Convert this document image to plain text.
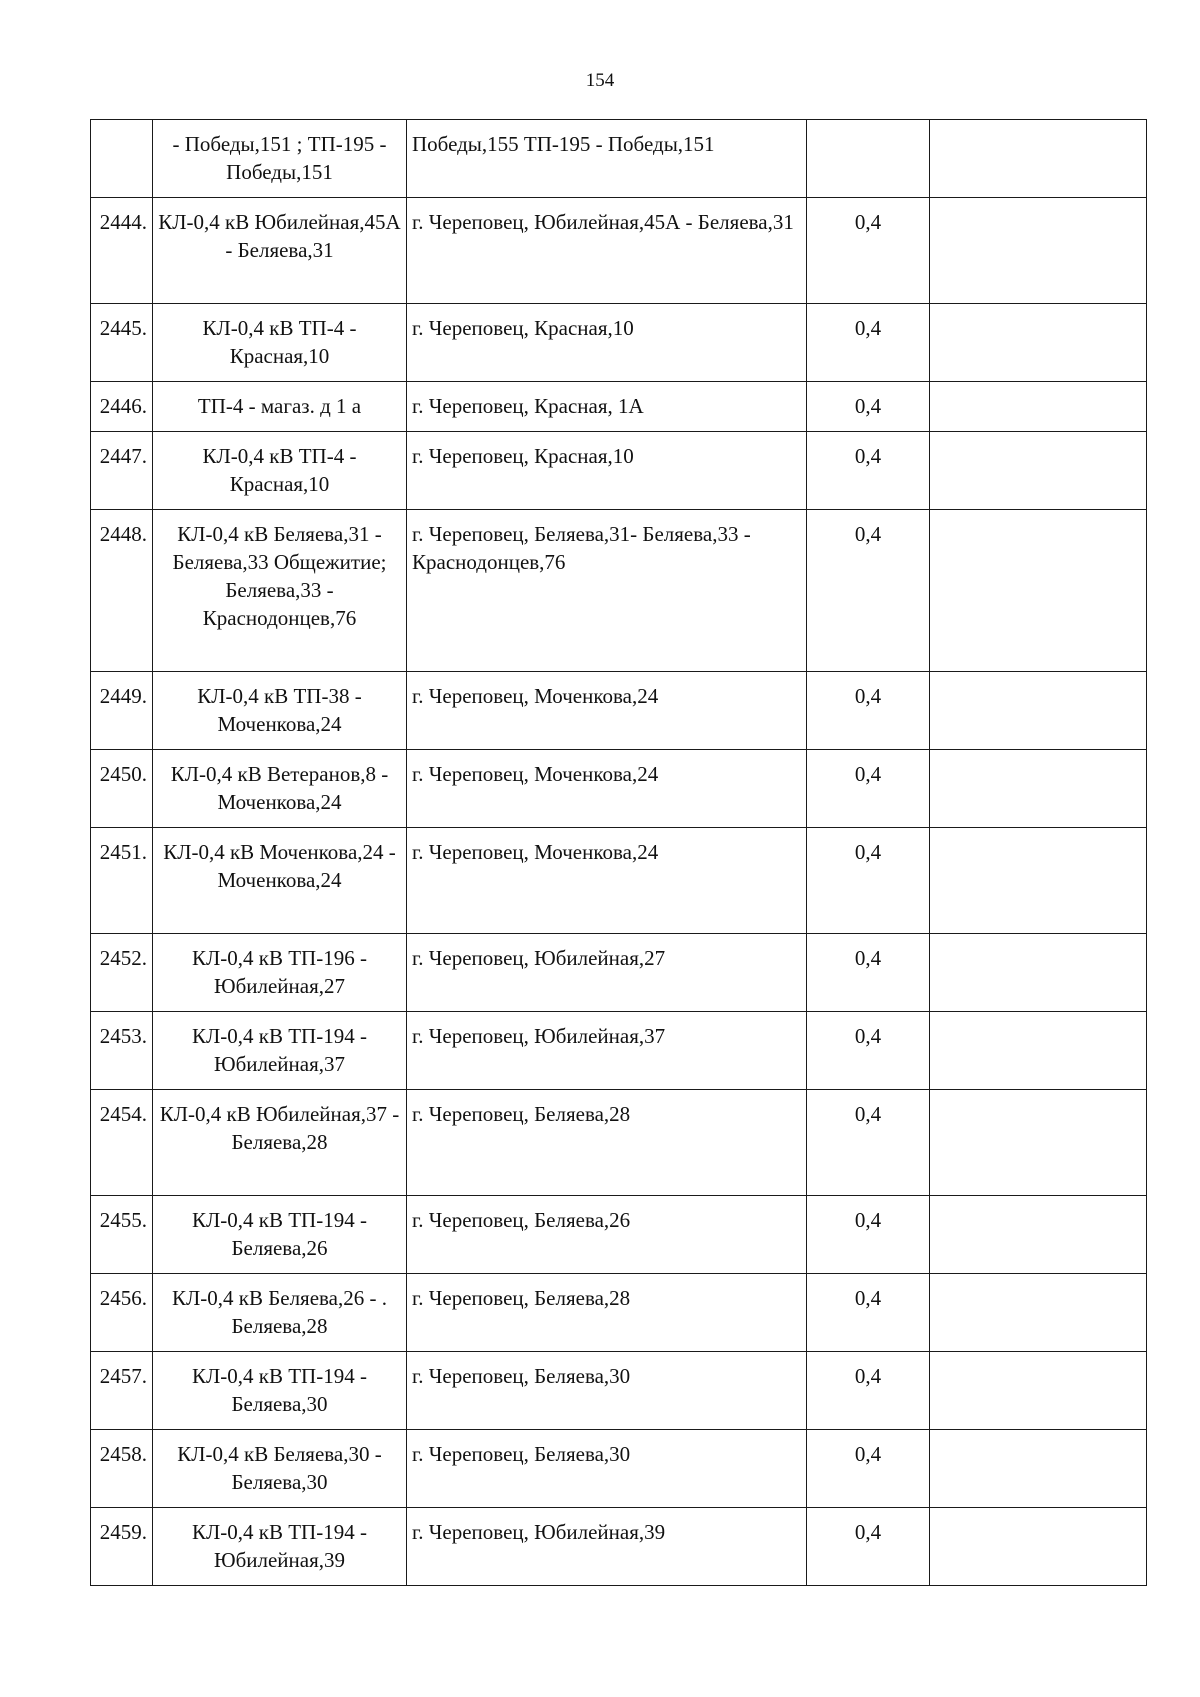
154
	- Победы,151 ; ТП-195 - Победы,151	Победы,155 ТП-195 - Победы,151		
2444.	КЛ-0,4 кВ Юбилейная,45А - Беляева,31	г. Череповец, Юбилейная,45А - Беляева,31	0,4	
2445.	КЛ-0,4 кВ ТП-4 - Красная,10	г. Череповец, Красная,10	0,4	
2446.	ТП-4 - магаз. д 1 а	г. Череповец, Красная, 1А	0,4	
2447.	КЛ-0,4 кВ ТП-4 - Красная,10	г. Череповец, Красная,10	0,4	
2448.	КЛ-0,4 кВ Беляева,31 - Беляева,33 Общежитие; Беляева,33 - Краснодонцев,76	г. Череповец, Беляева,31- Беляева,33 - Краснодонцев,76	0,4	
2449.	КЛ-0,4 кВ ТП-38 - Моченкова,24	г. Череповец, Моченкова,24	0,4	
2450.	КЛ-0,4 кВ Ветеранов,8 - Моченкова,24	г. Череповец, Моченкова,24	0,4	
2451.	КЛ-0,4 кВ Моченкова,24 - Моченкова,24	г. Череповец, Моченкова,24	0,4	
2452.	КЛ-0,4 кВ ТП-196 - Юбилейная,27	г. Череповец, Юбилейная,27	0,4	
2453.	КЛ-0,4 кВ ТП-194 - Юбилейная,37	г. Череповец, Юбилейная,37	0,4	
2454.	КЛ-0,4 кВ Юбилейная,37 - Беляева,28	г. Череповец, Беляева,28	0,4	
2455.	КЛ-0,4 кВ ТП-194 - Беляева,26	г. Череповец, Беляева,26	0,4	
2456.	КЛ-0,4 кВ Беляева,26 - . Беляева,28	г. Череповец, Беляева,28	0,4	
2457.	КЛ-0,4 кВ ТП-194 - Беляева,30	г. Череповец, Беляева,30	0,4	
2458.	КЛ-0,4 кВ Беляева,30 - Беляева,30	г. Череповец, Беляева,30	0,4	
2459.	КЛ-0,4 кВ ТП-194 - Юбилейная,39	г. Череповец, Юбилейная,39	0,4	
